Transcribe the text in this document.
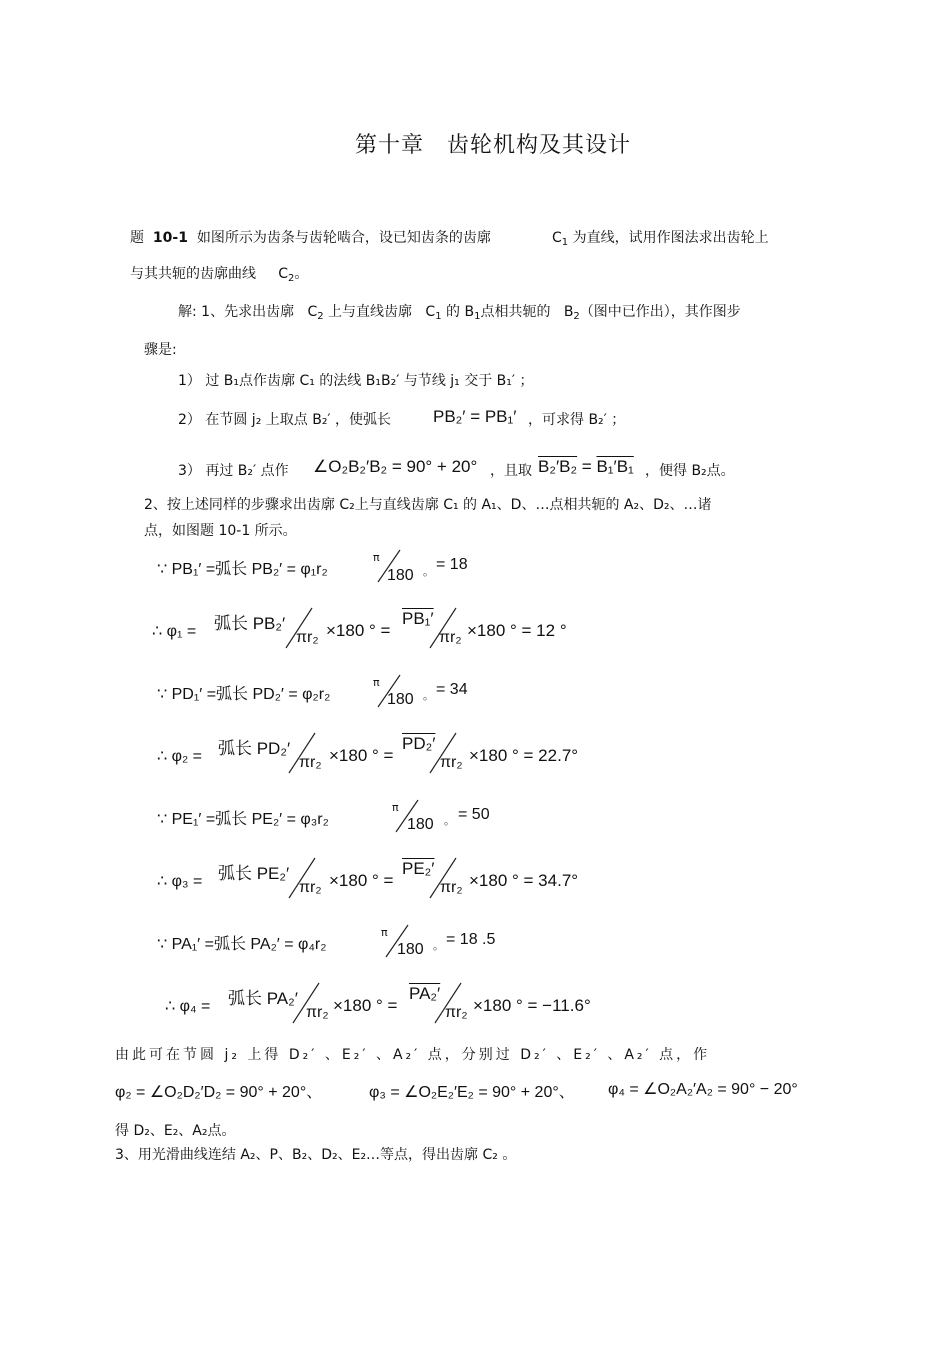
第十章　齿轮机构及其设计
题 10-1 如图所示为齿条与齿轮啮合，设已知齿条的齿廓	$C_1$ 为直线，试用作图法求出齿轮上
与其共轭的齿廓曲线 $C_2$。
解: 1、先求出齿廓 $C_2$ 上与直线齿廓 $C_1$ 的 $B_1$点相共轭的 $B_2$（图中已作出），其作图步
骤是:
1） 过 B₁点作齿廓 C₁ 的法线 B₁B₂′ 与节线 j₁ 交于 B₁′ ；
2） 在节圆 j₂ 上取点 B₂′ ，使弧长 PB₂′ = PB₁′ ，可求得 B₂′ ；
3） 再过 B₂′ 点作 ∠O₂B₂′B₂ = 90° + 20° ，且取 B₂′B₂ = B₁′B₁ ，便得 B₂点。
2、按上述同样的步骤求出齿廓 C₂上与直线齿廓 C₁ 的 A₁、D、…点相共轭的 A₂、D₂、…诸
点，如图题 10-1 所示。
∵ PB₁′ =弧长 PB₂′ = φ₁r₂
π
180 。 = 18
∴ φ₁ = 弧长 PB₂′
πr₂ ×180 ° =
PB₁′
πr₂ ×180 ° = 12 °
∵ PD₁′ =弧长 PD₂′ = φ₂r₂
π
180 。 = 34
∴ φ₂ = 弧长 PD₂′
πr₂ ×180 ° =
PD₂′
πr₂ ×180 ° = 22.7°
∵ PE₁′ =弧长 PE₂′ = φ₃r₂
π
180 。 = 50
∴ φ₃ = 弧长 PE₂′
πr₂ ×180 ° =
PE₂′
πr₂ ×180 ° = 34.7°
∵ PA₁′ =弧长 PA₂′ = φ₄r₂
π
180 。 = 18 .5
∴ φ₄ = 弧长 PA₂′
πr₂ ×180 ° =
PA₂′
πr₂ ×180 ° = −11.6°
由此可在节圆 j₂ 上得 D₂′ 、E₂′ 、A₂′ 点，分别过 D₂′ 、E₂′ 、A₂′ 点，作
φ₂ = ∠O₂D₂′D₂ = 90° + 20°、	φ₃ = ∠O₂E₂′E₂ = 90° + 20°、 φ₄ = ∠O₂A₂′A₂ = 90° − 20°
得 D₂、E₂、A₂点。
3、用光滑曲线连结 A₂、P、B₂、D₂、E₂…等点，得出齿廓 C₂ 。
